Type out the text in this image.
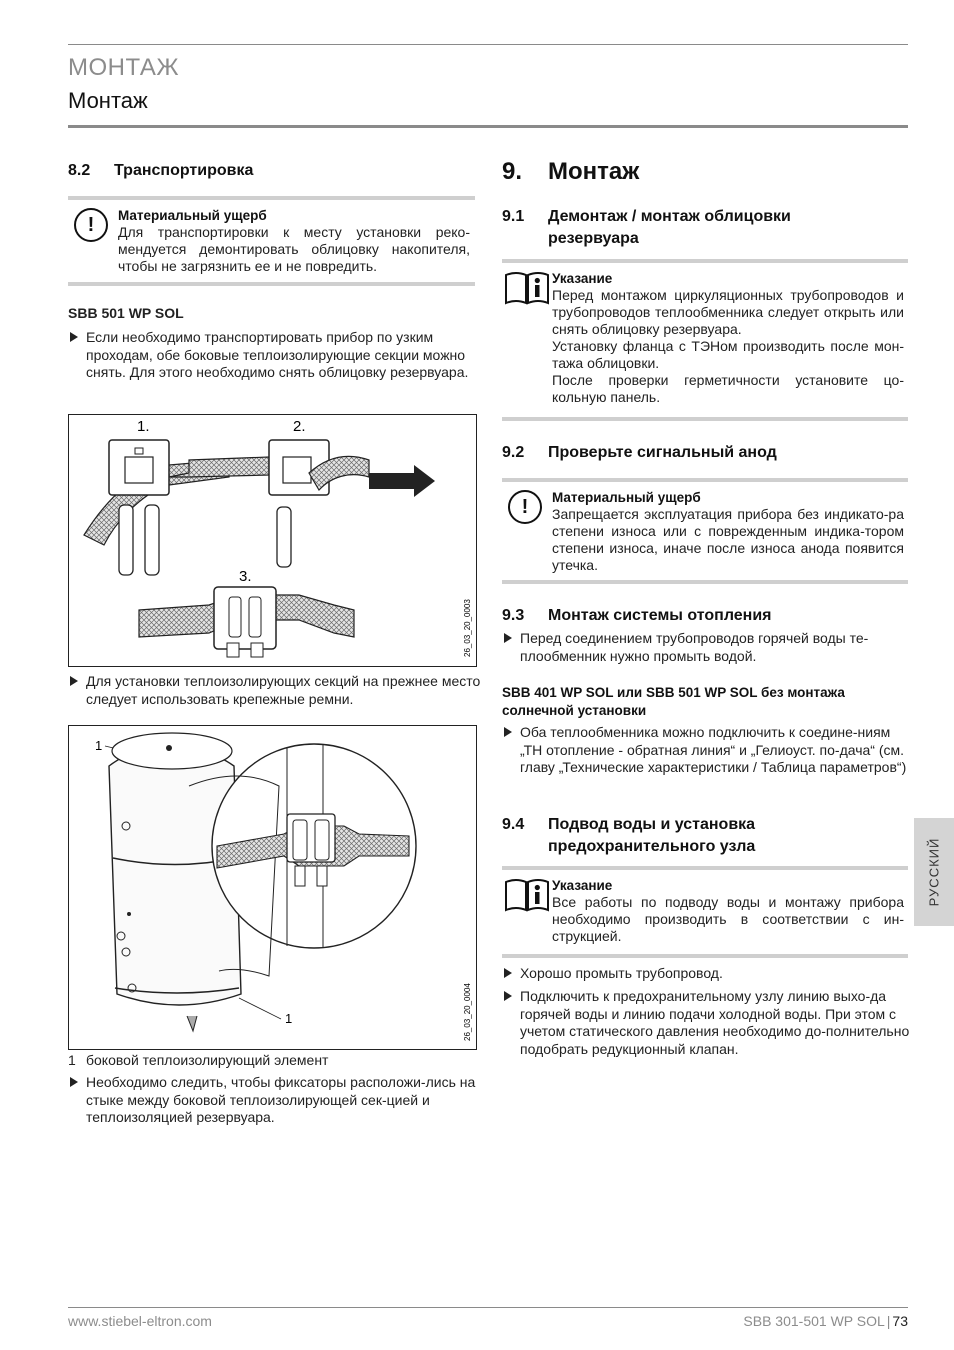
МОНТАЖ
Монтаж
8.2 Транспортировка
!	Материальный ущерб
Для транспортировки к месту установки реко-мендуется демонтировать облицовку накопителя, чтобы не загрязнить ее и не повредить.
SBB 501 WP SOL
Если необходимо транспортировать прибор по узким проходам, обе боковые теплоизолирующие секции можно снять. Для этого необходимо снять облицовку резервуара.
1.	2.
3.
26_03_20_0003
Для установки теплоизолирующих секций на прежнее место следует использовать крепежные ремни.
1
1	26_03_20_0004
1 боковой теплоизолирующий элемент
Необходимо следить, чтобы фиксаторы расположи-лись на стыке между боковой теплоизолирующей сек-цией и теплоизоляцией резервуара.
9. Монтаж
9.1 Демонтаж / монтаж облицовки
резервуара
Указание
Перед монтажом циркуляционных трубопроводов и трубопроводов теплообменника следует открыть или снять облицовку резервуара.
Установку фланца с ТЭНом производить после мон-тажа облицовки.
После проверки герметичности установите цо-кольную панель.
9.2 Проверьте сигнальный анод
!	Материальный ущерб
Запрещается эксплуатация прибора без индикато-ра степени износа или с поврежденным индика-тором степени износа, иначе после износа анода появится утечка.
9.3 Монтаж системы отопления
Перед соединением трубопроводов горячей воды те-плообменник нужно промыть водой.
SBB 401 WP SOL или SBB 501 WP SOL без монтажа солнечной установки
Оба теплообменника можно подключить к соедине-ниям „ТН отопление - обратная линия“ и „Гелиоуст. по-дача“ (см. главу „Технические характеристики / Таблица параметров“)
9.4 Подвод воды и установка
предохранительного узла
Указание
Все работы по подводу воды и монтажу прибора необходимо производить в соответствии с ин-струкцией.
Хорошо промыть трубопровод.
Подключить к предохранительному узлу линию выхо-да горячей воды и линию подачи холодной воды. При этом с учетом статического давления необходимо до-полнительно подобрать редукционный клапан.
РУССКИЙ
www.stiebel-eltron.com	SBB 301-501 WP SOL | 73
